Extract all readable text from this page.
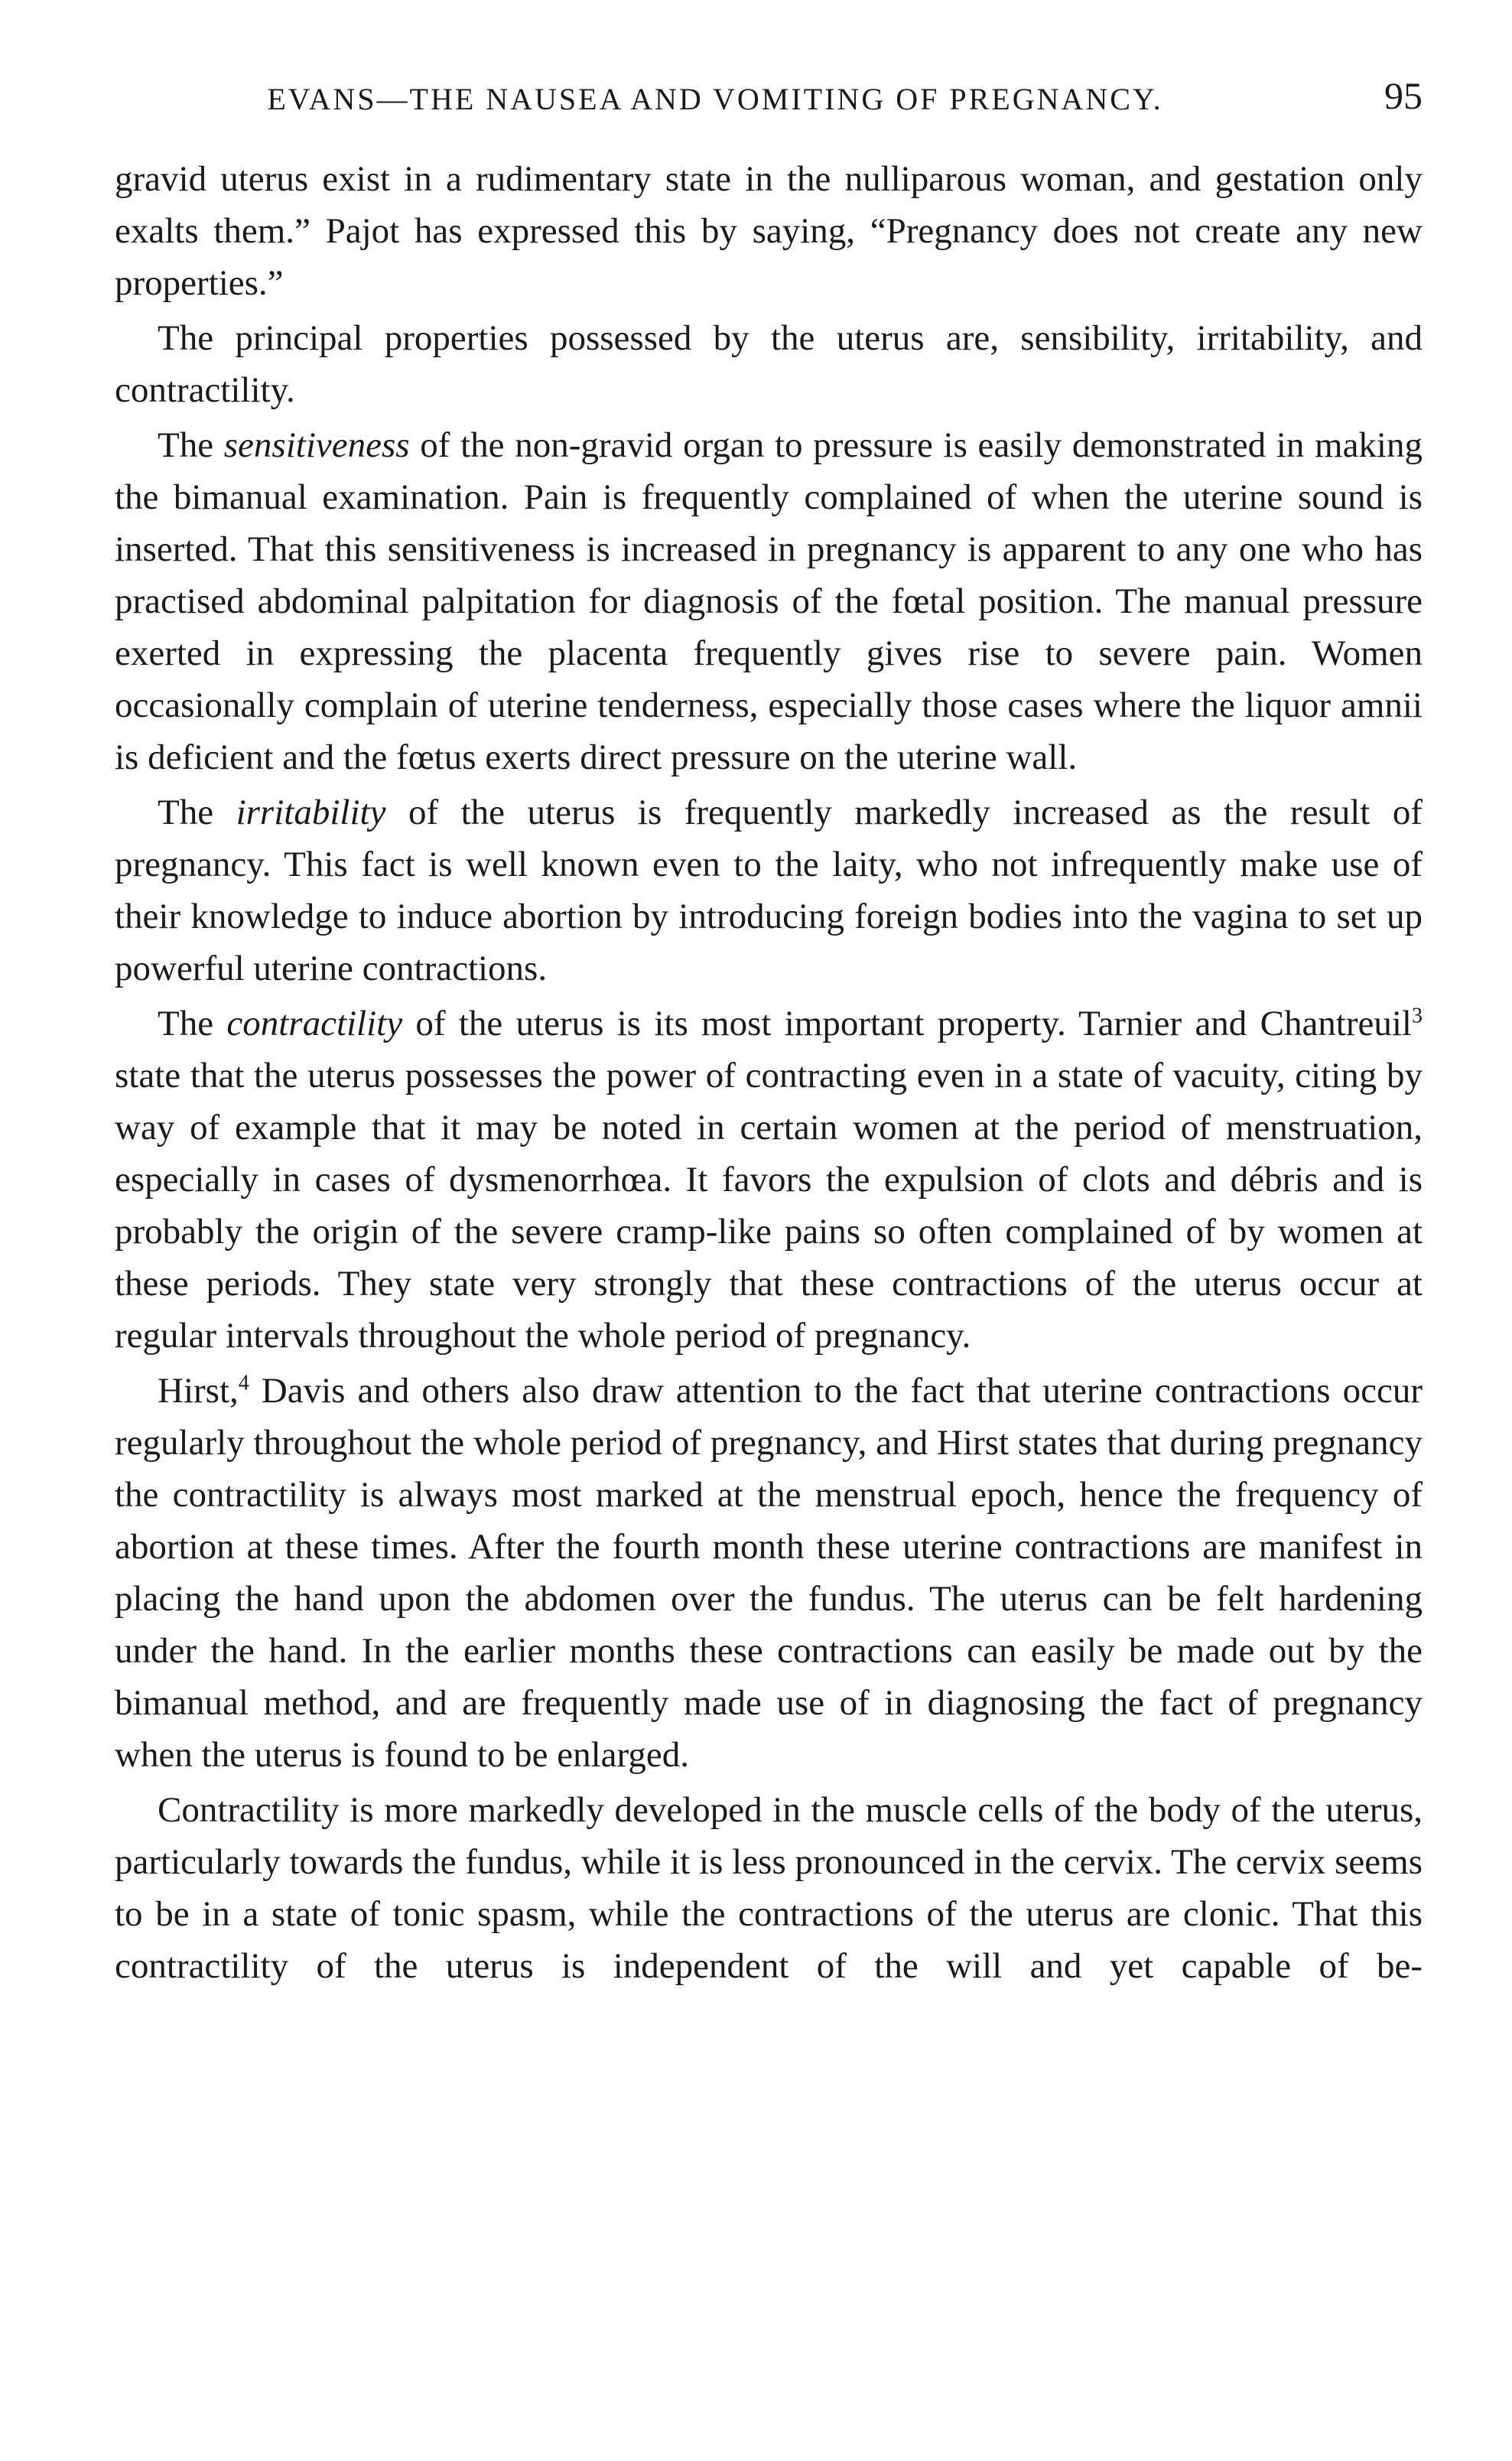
EVANS—THE NAUSEA AND VOMITING OF PREGNANCY.	95

gravid uterus exist in a rudimentary state in the nulliparous woman, and gestation only exalts them.” Pajot has expressed this by saying, “Pregnancy does not create any new properties.”

The principal properties possessed by the uterus are, sensibility, irritability, and contractility.

The sensitiveness of the non-gravid organ to pressure is easily demonstrated in making the bimanual examination. Pain is frequently complained of when the uterine sound is inserted. That this sensitiveness is increased in pregnancy is apparent to any one who has practised abdominal palpitation for diagnosis of the fœtal position. The manual pressure exerted in expressing the placenta frequently gives rise to severe pain. Women occasionally complain of uterine tenderness, especially those cases where the liquor amnii is deficient and the fœtus exerts direct pressure on the uterine wall.

The irritability of the uterus is frequently markedly increased as the result of pregnancy. This fact is well known even to the laity, who not infrequently make use of their knowledge to induce abortion by introducing foreign bodies into the vagina to set up powerful uterine contractions.

The contractility of the uterus is its most important property. Tarnier and Chantreuil$^3$ state that the uterus possesses the power of contracting even in a state of vacuity, citing by way of example that it may be noted in certain women at the period of menstruation, especially in cases of dysmenorrhœa. It favors the expulsion of clots and débris and is probably the origin of the severe cramp-like pains so often complained of by women at these periods. They state very strongly that these contractions of the uterus occur at regular intervals throughout the whole period of pregnancy.

Hirst,$^4$ Davis and others also draw attention to the fact that uterine contractions occur regularly throughout the whole period of pregnancy, and Hirst states that during pregnancy the contractility is always most marked at the menstrual epoch, hence the frequency of abortion at these times. After the fourth month these uterine contractions are manifest in placing the hand upon the abdomen over the fundus. The uterus can be felt hardening under the hand. In the earlier months these contractions can easily be made out by the bimanual method, and are frequently made use of in diagnosing the fact of pregnancy when the uterus is found to be enlarged.

Contractility is more markedly developed in the muscle cells of the body of the uterus, particularly towards the fundus, while it is less pronounced in the cervix. The cervix seems to be in a state of tonic spasm, while the contractions of the uterus are clonic. That this contractility of the uterus is independent of the will and yet capable of be-
